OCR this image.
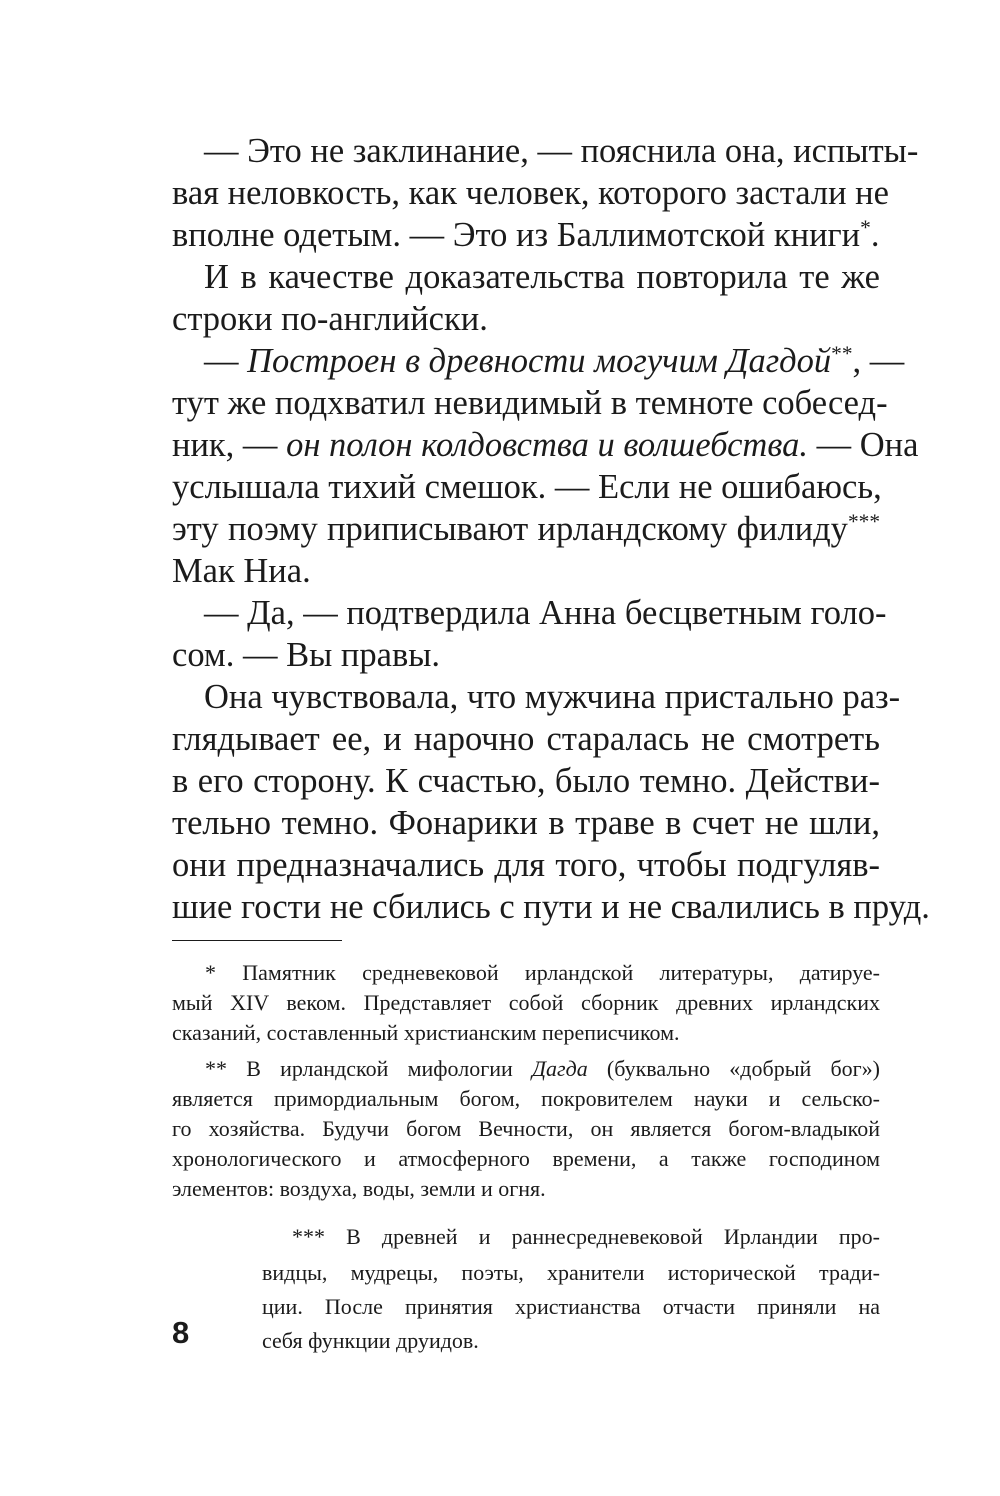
— Это не заклинание, — пояснила она, испыты-
вая неловкость, как человек, которого застали не
вполне одетым. — Это из Баллимотской книги*.
И в качестве доказательства повторила те же
строки по-английски.
— Построен в древности могучим Дагдой**, —
тут же подхватил невидимый в темноте собесед-
ник, — он полон колдовства и волшебства. — Она
услышала тихий смешок. — Если не ошибаюсь,
эту поэму приписывают ирландскому филиду***
Мак Ниа.
— Да, — подтвердила Анна бесцветным голо-
сом. — Вы правы.
Она чувствовала, что мужчина пристально раз-
глядывает ее, и нарочно старалась не смотреть
в его сторону. К счастью, было темно. Действи-
тельно темно. Фонарики в траве в счет не шли,
они предназначались для того, чтобы подгуляв-
шие гости не сбились с пути и не свалились в пруд.
* Памятник средневековой ирландской литературы, датируе-
мый XIV веком. Представляет собой сборник древних ирландских
сказаний, составленный христианским переписчиком.
** В ирландской мифологии Дагда (буквально «добрый бог»)
является примордиальным богом, покровителем науки и сельско-
го хозяйства. Будучи богом Вечности, он является богом-владыкой
хронологического и атмосферного времени, а также господином
элементов: воздуха, воды, земли и огня.
*** В древней и раннесредневековой Ирландии про-
видцы, мудрецы, поэты, хранители исторической тради-
ции. После принятия христианства отчасти приняли на
себя функции друидов.
8
